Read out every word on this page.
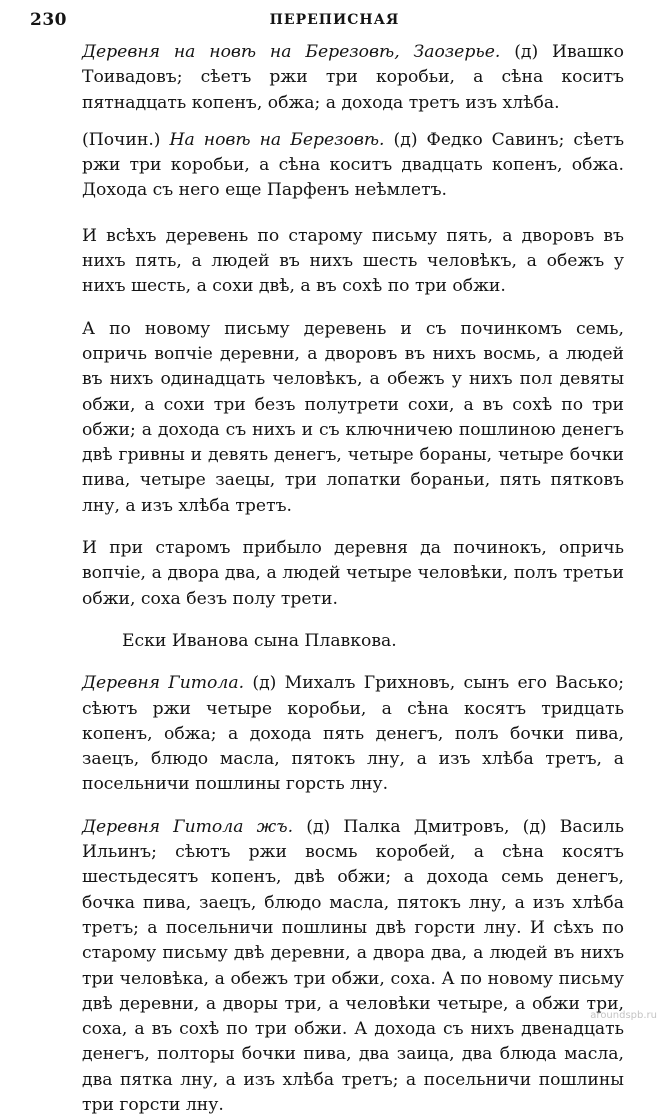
230	ПЕРЕПИСНАЯ

Деревня на новѣ на Березовѣ, Заозерье. (д) Ивашко Тоивадовъ; сѣетъ ржи три коробьи, а сѣна коситъ пятнадцать копенъ, обжа; а дохода третъ изъ хлѣба.

(Почин.) На новѣ на Березовѣ. (д) Федко Савинъ; сѣетъ ржи три коробьи, а сѣна коситъ двадцать копенъ, обжа. Дохода съ него еще Парфенъ неѣмлетъ.

И всѣхъ деревень по старому письму пять, а дворовъ въ нихъ пять, а людей въ нихъ шесть человѣкъ, а обежъ у нихъ шесть, а сохи двѣ, а въ сохѣ по три обжи.

А по новому письму деревень и съ починкомъ семь, опричь вопчіе деревни, а дворовъ въ нихъ восмь, а людей въ нихъ одинадцать человѣкъ, а обежъ у нихъ пол девяты обжи, а сохи три безъ полутрети сохи, а въ сохѣ по три обжи; а дохода съ нихъ и съ ключничею пошлиною денегъ двѣ гривны и девять денегъ, четыре бораны, четыре бочки пива, четыре заецы, три лопатки бораньи, пять пятковъ лну, а изъ хлѣба третъ.

И при старомъ прибыло деревня да починокъ, опричь вопчіе, а двора два, а людей четыре человѣки, полъ третьи обжи, соха безъ полу трети.

Ески Иванова сына Плавкова.

Деревня Гитола. (д) Михалъ Грихновъ, сынъ его Васько; сѣютъ ржи четыре коробьи, а сѣна косятъ тридцать копенъ, обжа; а дохода пять денегъ, полъ бочки пива, заецъ, блюдо масла, пятокъ лну, а изъ хлѣба третъ, а посельничи пошлины горсть лну.

Деревня Гитола жъ. (д) Палка Дмитровъ, (д) Василь Ильинъ; сѣютъ ржи восмь коробей, а сѣна косятъ шестьдесятъ копенъ, двѣ обжи; а дохода семь денегъ, бочка пива, заецъ, блюдо масла, пятокъ лну, а изъ хлѣба третъ; а посельничи пошлины двѣ горсти лну. И сѣхъ по старому письму двѣ деревни, а двора два, а людей въ нихъ три человѣка, а обежъ три обжи, соха. А по новому письму двѣ деревни, а дворы три, а человѣки четыре, а обжи три, соха, а въ сохѣ по три обжи. А дохода съ нихъ двенадцать денегъ, полторы бочки пива, два заица, два блюда масла, два пятка лну, а изъ хлѣба третъ; а посельничи пошлины три горсти лну.

aroundspb.ru
